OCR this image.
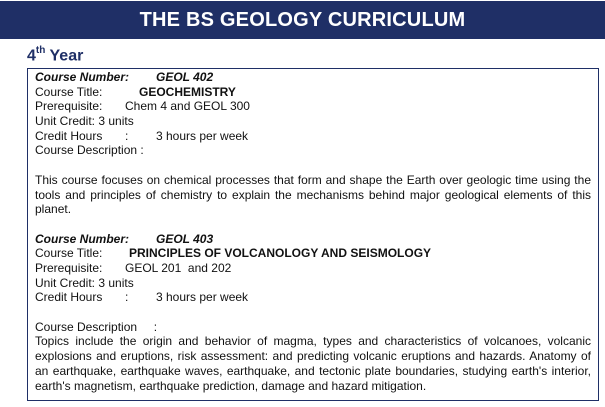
THE BS GEOLOGY CURRICULUM
4th Year
Course Number: GEOL 402
Course Title:	GEOCHEMISTRY
Prerequisite: Chem 4 and GEOL 300
Unit Credit: 3 units
Credit Hours : 3 hours per week
Course Description :
This course focuses on chemical processes that form and shape the Earth over geologic time using the tools and principles of chemistry to explain the mechanisms behind major geological elements of this planet.
Course Number: GEOL 403
Course Title: PRINCIPLES OF VOLCANOLOGY AND SEISMOLOGY
Prerequisite: GEOL 201  and 202
Unit Credit: 3 units
Credit Hours : 3 hours per week
Course Description     :
Topics include the origin and behavior of magma, types and characteristics of volcanoes, volcanic explosions and eruptions, risk assessment: and predicting volcanic eruptions and hazards. Anatomy of an earthquake, earthquake waves, earthquake, and tectonic plate boundaries, studying earth's interior, earth's magnetism, earthquake prediction, damage and hazard mitigation.
